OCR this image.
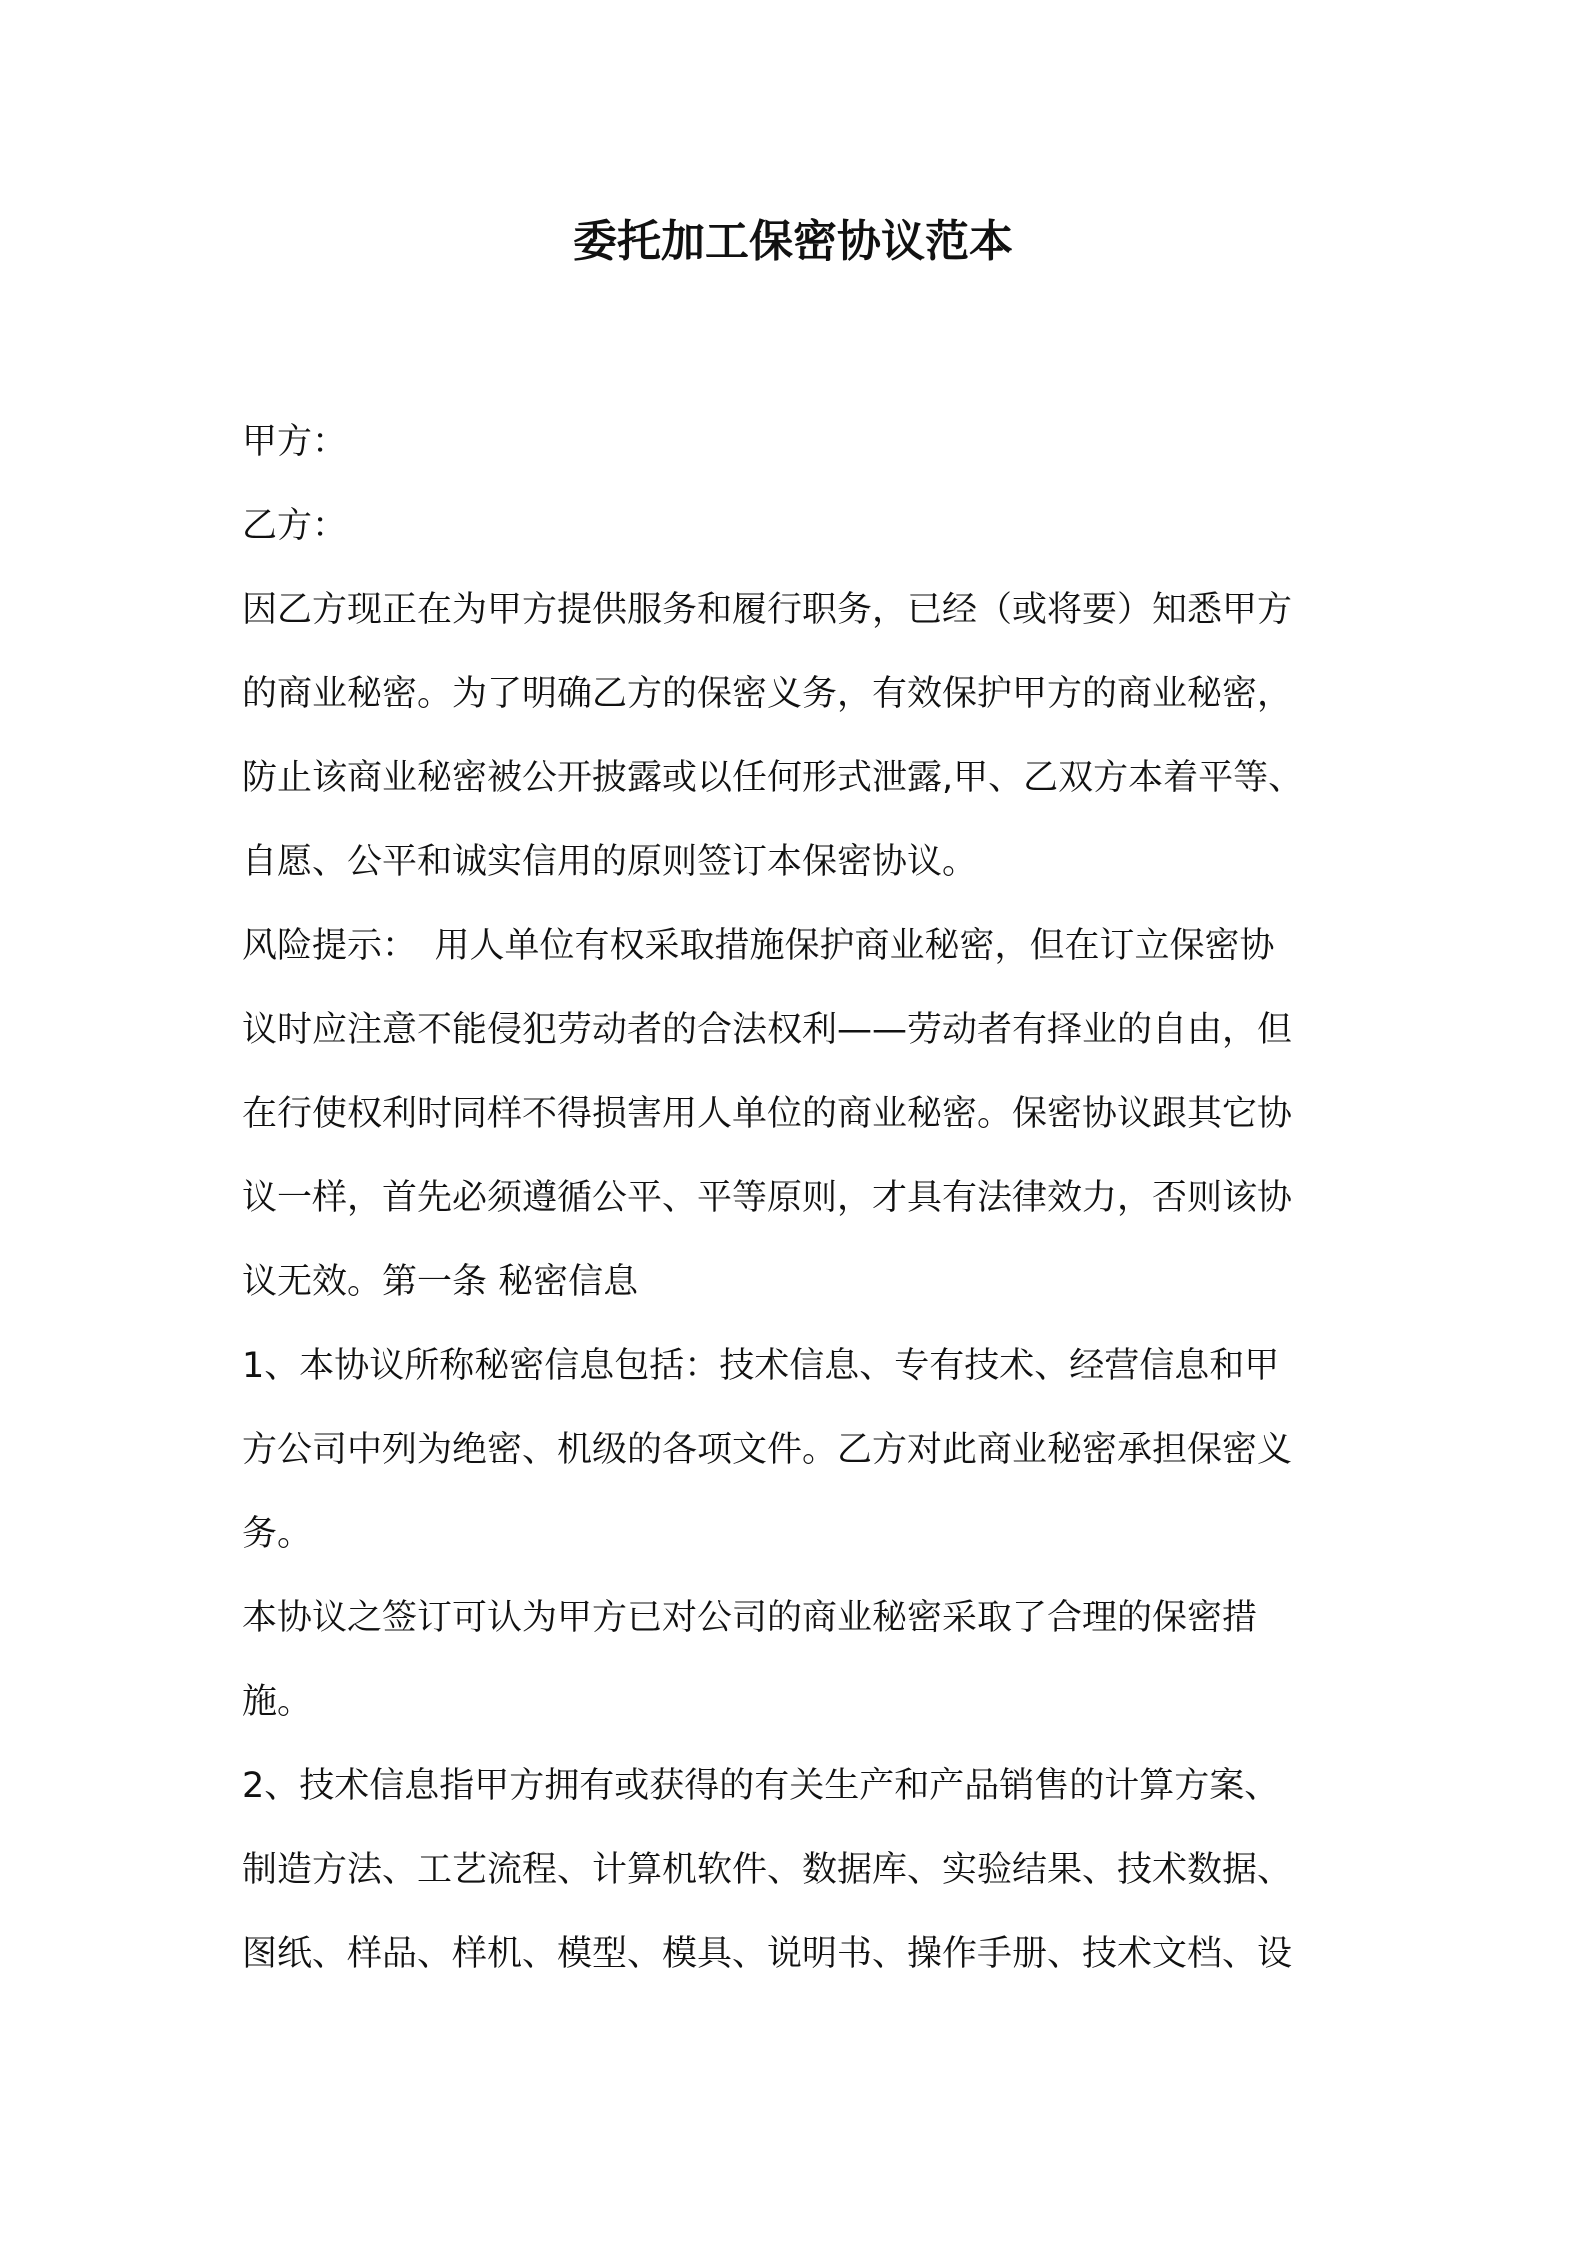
委托加工保密协议范本
甲方：
乙方：
因乙方现正在为甲方提供服务和履行职务，已经（或将要）知悉甲方
的商业秘密。为了明确乙方的保密义务，有效保护甲方的商业秘密，
防止该商业秘密被公开披露或以任何形式泄露,甲、乙双方本着平等、
自愿、公平和诚实信用的原则签订本保密协议。
风险提示：　用人单位有权采取措施保护商业秘密，但在订立保密协
议时应注意不能侵犯劳动者的合法权利——劳动者有择业的自由，但
在行使权利时同样不得损害用人单位的商业秘密。保密协议跟其它协
议一样，首先必须遵循公平、平等原则，才具有法律效力，否则该协
议无效。第一条 秘密信息
1、本协议所称秘密信息包括：技术信息、专有技术、经营信息和甲
方公司中列为绝密、机级的各项文件。乙方对此商业秘密承担保密义
务。
本协议之签订可认为甲方已对公司的商业秘密采取了合理的保密措
施。
2、技术信息指甲方拥有或获得的有关生产和产品销售的计算方案、
制造方法、工艺流程、计算机软件、数据库、实验结果、技术数据、
图纸、样品、样机、模型、模具、说明书、操作手册、技术文档、设
